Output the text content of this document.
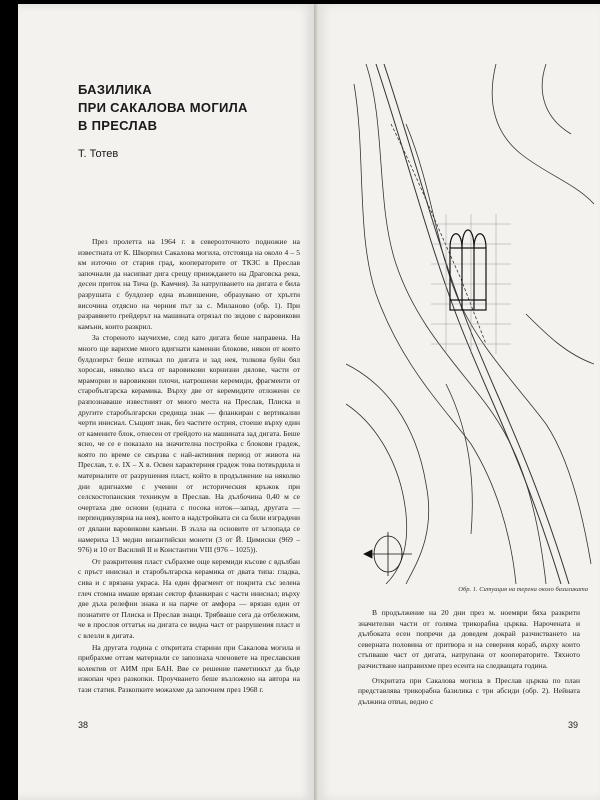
БАЗИЛИКА
ПРИ САКАЛОВА МОГИЛА
В ПРЕСЛАВ
Т. Тотев

През пролетта на 1964 г. в северозточното подножие на известната от К. Шкорпил Сакалова могила, отстояща на около 4 – 5 км източно от стария град, кооператорите от ТКЗС в Преслав започнали да насипват дига срещу прииждането на Драговска река, десен приток на Тича (р. Камчия). За натрупването на дигата е била разрушата с булдозер една възвишение, образувано от хрълти височина отдясно на черния път за с. Миланово (обр. 1). При разравянето грейдерът на машината отрязал по зидове с варовикови камъни, които разкрил.

За стореното научихме, след като дигата беше направена. На много ще варихме много вдигнати каменни блокове, някои от които булдозерът беше изтикал по дигата и зад нея, толкова буйн бял хоросан, няколко къса от варовикови корнизни дялове, части от мраморни и варовикови плочи, натрошени керемиди, фрагменти от старобългарска керамика. Върху две от керемидите отложени се разпознаваше известният от много места на Преслав, Плиска и другите старобългарски средища знак — фланкиран с вертикални черти инисиал. Същият знак, без частите острия, стоеше върху един от камените блок, отнесен от грейдото на машината зад дигата. Беше ясно, че се е показало на значителна постройка с блокови градеж, която по време се свързва с най-активния период от живота на Преслав, т. е. IX – X в. Освен характерния градеж това потвърдила и материалите от разрушения пласт, който в продължение на няколко дни вдигнахме с учении от историческия кръжок при селскостопанския техникум в Преслав. На дълбочина 0,40 м се очертаха две основи (едната с посока изток—запад, другата — перпендикулярна на нея), които в надстройката си са били изградени от дялани варовикови камъни. В зъзла на основите от ъглопада се намериха 13 медни византийски монети (3 от Й. Цимиски (969 – 976) и 10 от Василий II и Константин VIII (976 – 1025)).

От разкритения пласт събрахме още керемиди късове с вдълбан с пръст инисиал и старобългарска керамика от двата типа: гладка, сива и с врязана украса. На един фрагмент от покрита със зелена глеч стомна имаше врязан сектор фланкиран с части инисиал; върху две дъха релефни знака и на парче от амфора — врязан един от познатите от Плиска и Преслав знаци. Трябваше сега да отбележим, че в прослоя оттатък на дигата се видна част от разрушения пласт и с влезли в дигата.

На другата година с откритата старини при Сакалова могила и прибрахме оттам материали се запознаха членовете на преславския колектив от АИМ при БАН. Вве се решение паметникът да бъде изкопан чрез разкопки. Проучването беше възложено на автора на тази статия. Разкопките можахме да започнем през 1968 г.

38
Обр. 1. Ситуация на терена около базиликата

В продължение на 20 дни през м. ноември бяха разкрити значителни части от голяма трикорабна църква. Нарочената и дълбоката есен попречи да доведем докрай разчистването на северната половина от притвора и на северния кораб, върху които стъпваше част от дигата, натрупана от кооператорите. Тяхното разчистване направихме през есента на следващата година.

Откритата при Сакалова могила в Преслав църква по план представлява трикорабна базилика с три абсиди (обр. 2). Нейната дължина отвън, ведно с

39
